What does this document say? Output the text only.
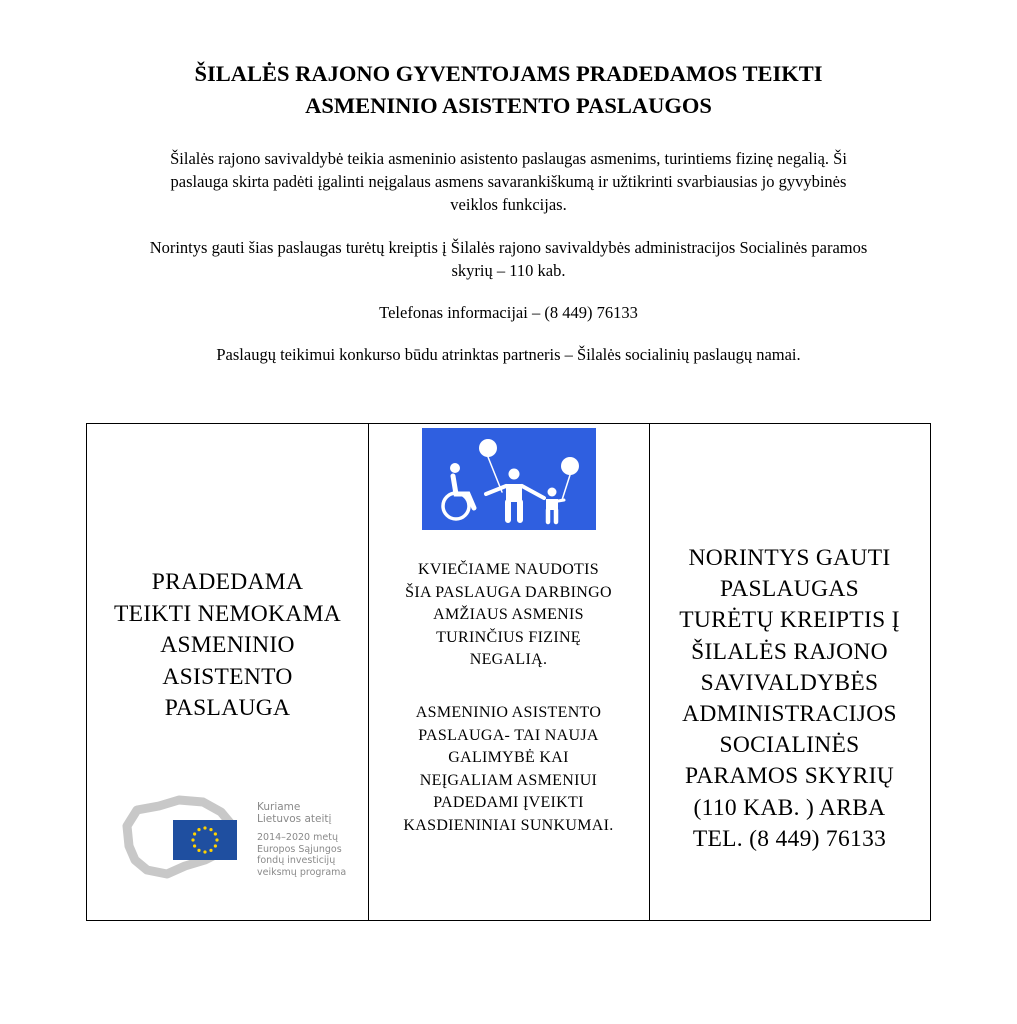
ŠILALĖS RAJONO GYVENTOJAMS PRADEDAMOS TEIKTI
ASMENINIO ASISTENTO PASLAUGOS
Šilalės rajono savivaldybė teikia asmeninio asistento paslaugas asmenims, turintiems fizinę negalią. Ši
paslauga skirta padėti įgalinti neįgalaus asmens savarankiškumą ir užtikrinti svarbiausias jo gyvybinės
veiklos funkcijas.
Norintys gauti šias paslaugas turėtų kreiptis į Šilalės rajono savivaldybės administracijos Socialinės paramos
skyrių – 110 kab.
Telefonas informacijai – (8 449) 76133
Paslaugų teikimui konkurso būdu atrinktas partneris – Šilalės socialinių paslaugų namai.
PRADEDAMA
TEIKTI NEMOKAMA
ASMENINIO
ASISTENTO
PASLAUGA
Kuriame
Lietuvos ateitį
2014–2020 metų
Europos Sąjungos
fondų investicijų
veiksmų programa
KVIEČIAME NAUDOTIS
ŠIA PASLAUGA DARBINGO
AMŽIAUS ASMENIS
TURINČIUS FIZINĘ
NEGALIĄ.
ASMENINIO ASISTENTO
PASLAUGA- TAI NAUJA
GALIMYBĖ KAI
NEĮGALIAM ASMENIUI
PADEDAMI ĮVEIKTI
KASDIENINIAI SUNKUMAI.
NORINTYS GAUTI
PASLAUGAS
TURĖTŲ KREIPTIS Į
ŠILALĖS RAJONO
SAVIVALDYBĖS
ADMINISTRACIJOS
SOCIALINĖS
PARAMOS SKYRIŲ
(110 KAB. ) ARBA
TEL. (8 449) 76133
